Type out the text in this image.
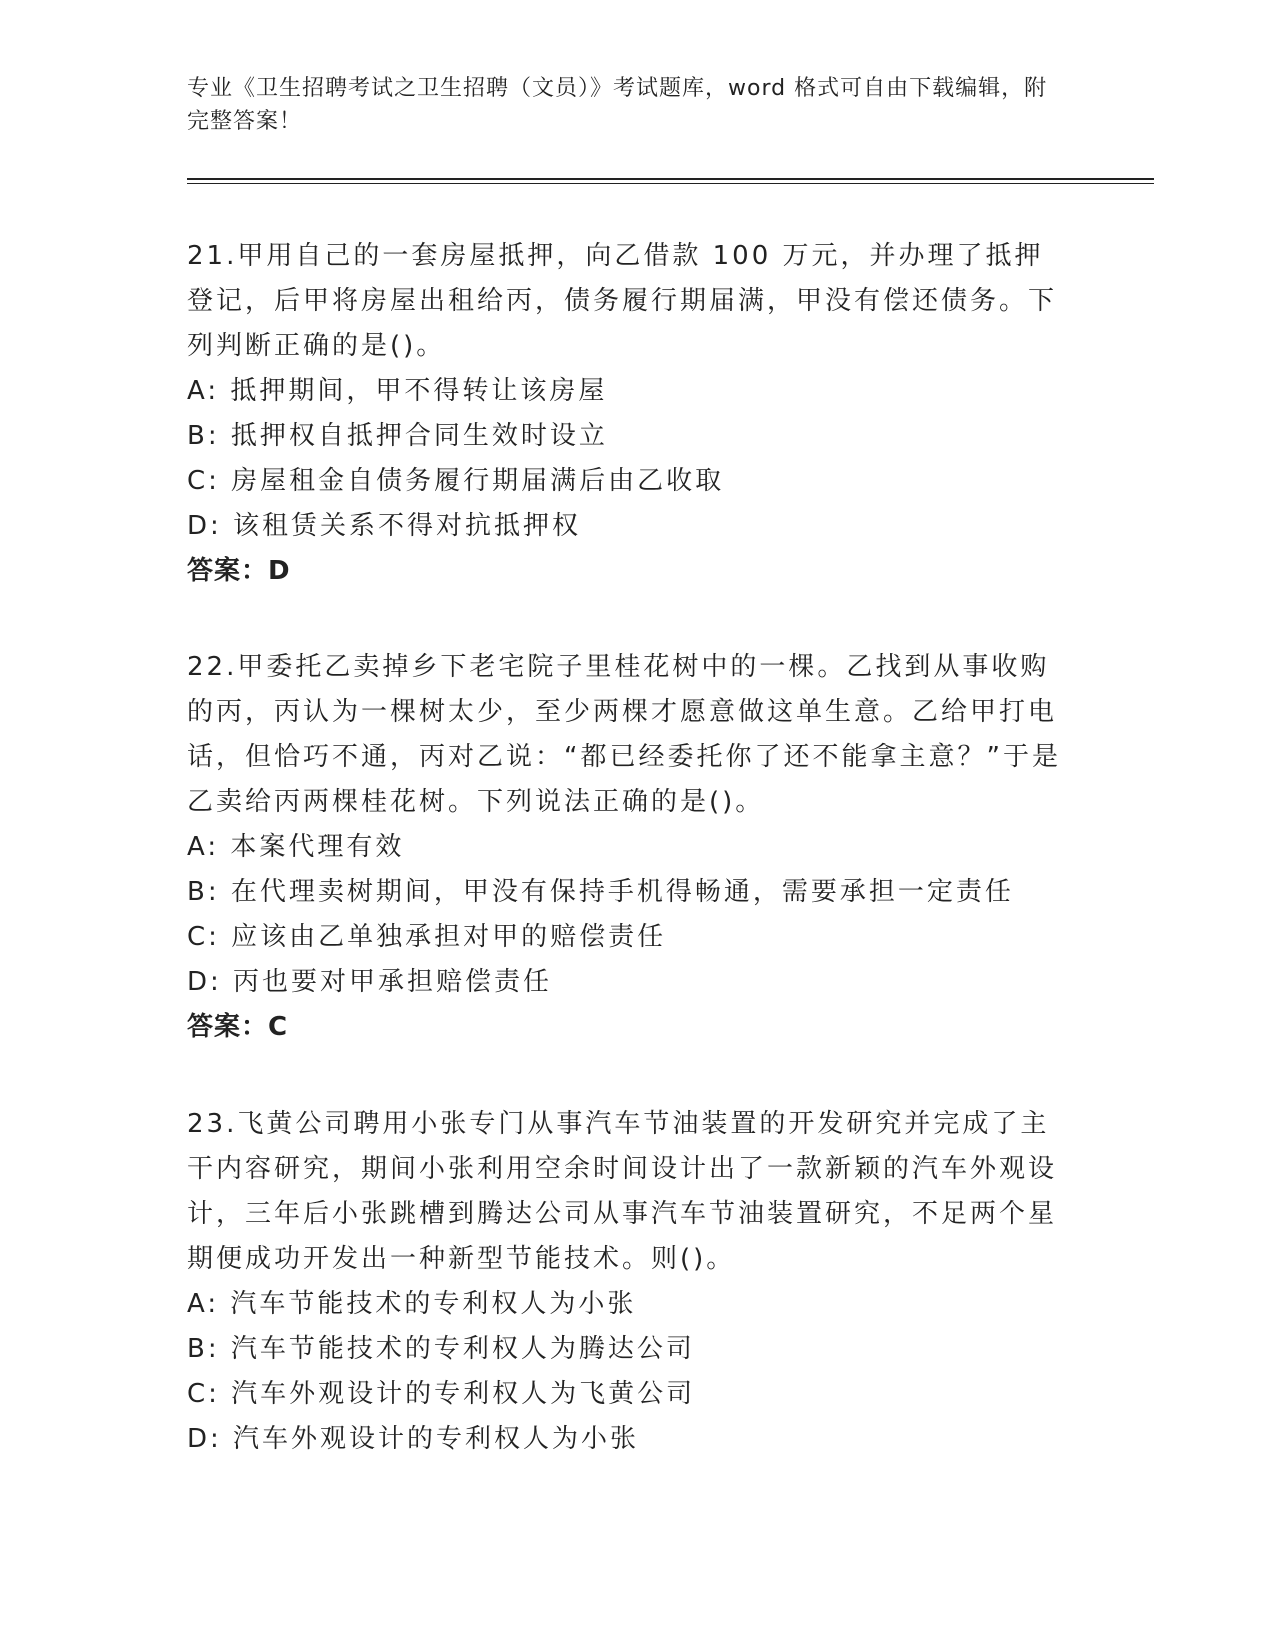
专业《卫生招聘考试之卫生招聘（文员）》考试题库，word 格式可自由下载编辑，附完整答案！

21.甲用自己的一套房屋抵押，向乙借款 100 万元，并办理了抵押登记，后甲将房屋出租给丙，债务履行期届满，甲没有偿还债务。下列判断正确的是()。

A: 抵押期间，甲不得转让该房屋

B: 抵押权自抵押合同生效时设立

C: 房屋租金自债务履行期届满后由乙收取

D: 该租赁关系不得对抗抵押权

答案：D

22.甲委托乙卖掉乡下老宅院子里桂花树中的一棵。乙找到从事收购的丙，丙认为一棵树太少，至少两棵才愿意做这单生意。乙给甲打电话，但恰巧不通，丙对乙说：“都已经委托你了还不能拿主意？”于是乙卖给丙两棵桂花树。下列说法正确的是()。

A: 本案代理有效

B: 在代理卖树期间，甲没有保持手机得畅通，需要承担一定责任

C: 应该由乙单独承担对甲的赔偿责任

D: 丙也要对甲承担赔偿责任

答案：C

23.飞黄公司聘用小张专门从事汽车节油装置的开发研究并完成了主干内容研究，期间小张利用空余时间设计出了一款新颖的汽车外观设计，三年后小张跳槽到腾达公司从事汽车节油装置研究，不足两个星期便成功开发出一种新型节能技术。则()。

A: 汽车节能技术的专利权人为小张

B: 汽车节能技术的专利权人为腾达公司

C: 汽车外观设计的专利权人为飞黄公司

D: 汽车外观设计的专利权人为小张
